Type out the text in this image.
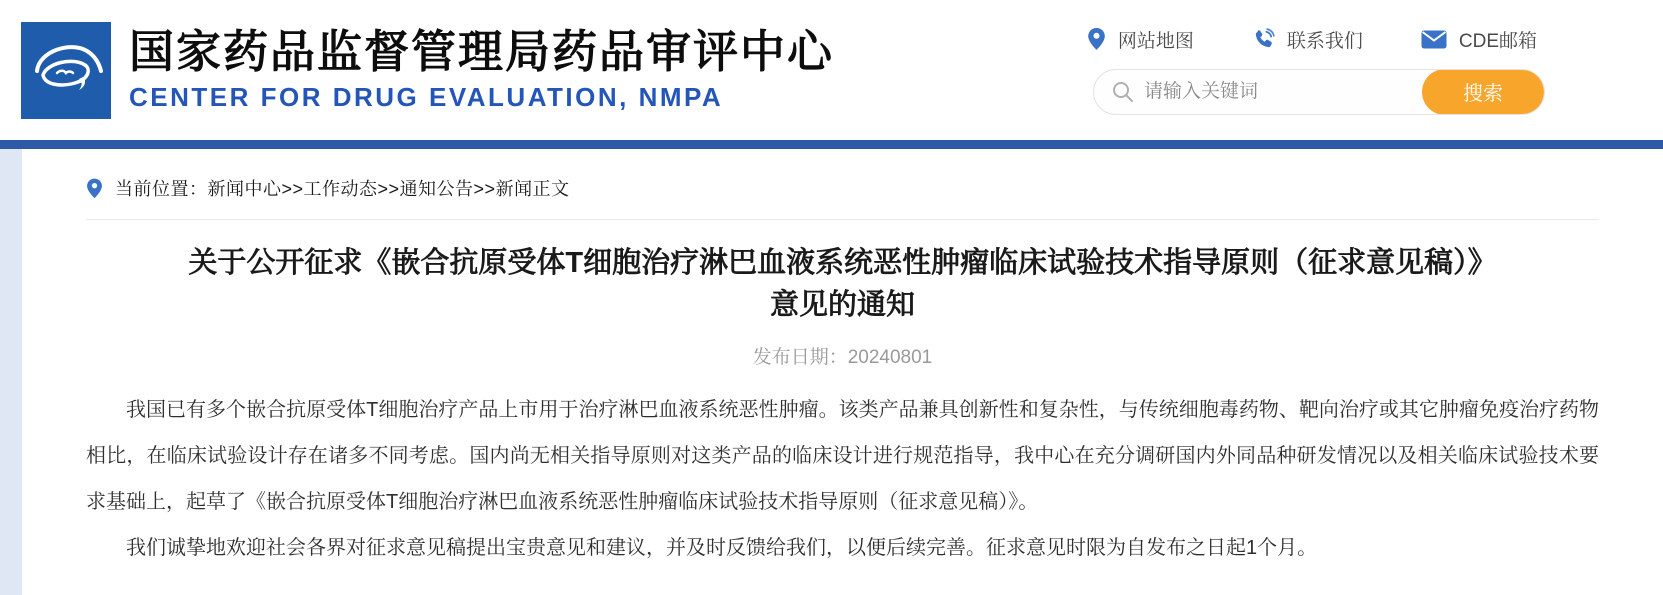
国家药品监督管理局药品审评中心
CENTER FOR DRUG EVALUATION, NMPA
网站地图	联系我们	CDE邮箱
请输入关键词
搜索
当前位置：新闻中心>>工作动态>>通知公告>>新闻正文
关于公开征求《嵌合抗原受体T细胞治疗淋巴血液系统恶性肿瘤临床试验技术指导原则（征求意见稿）》意见的通知
发布日期：20240801

我国已有多个嵌合抗原受体T细胞治疗产品上市用于治疗淋巴血液系统恶性肿瘤。该类产品兼具创新性和复杂性，与传统细胞毒药物、靶向治疗或其它肿瘤免疫治疗药物相比，在临床试验设计存在诸多不同考虑。国内尚无相关指导原则对这类产品的临床设计进行规范指导，我中心在充分调研国内外同品种研发情况以及相关临床试验技术要求基础上，起草了《嵌合抗原受体T细胞治疗淋巴血液系统恶性肿瘤临床试验技术指导原则（征求意见稿）》。

我们诚挚地欢迎社会各界对征求意见稿提出宝贵意见和建议，并及时反馈给我们，以便后续完善。征求意见时限为自发布之日起1个月。
